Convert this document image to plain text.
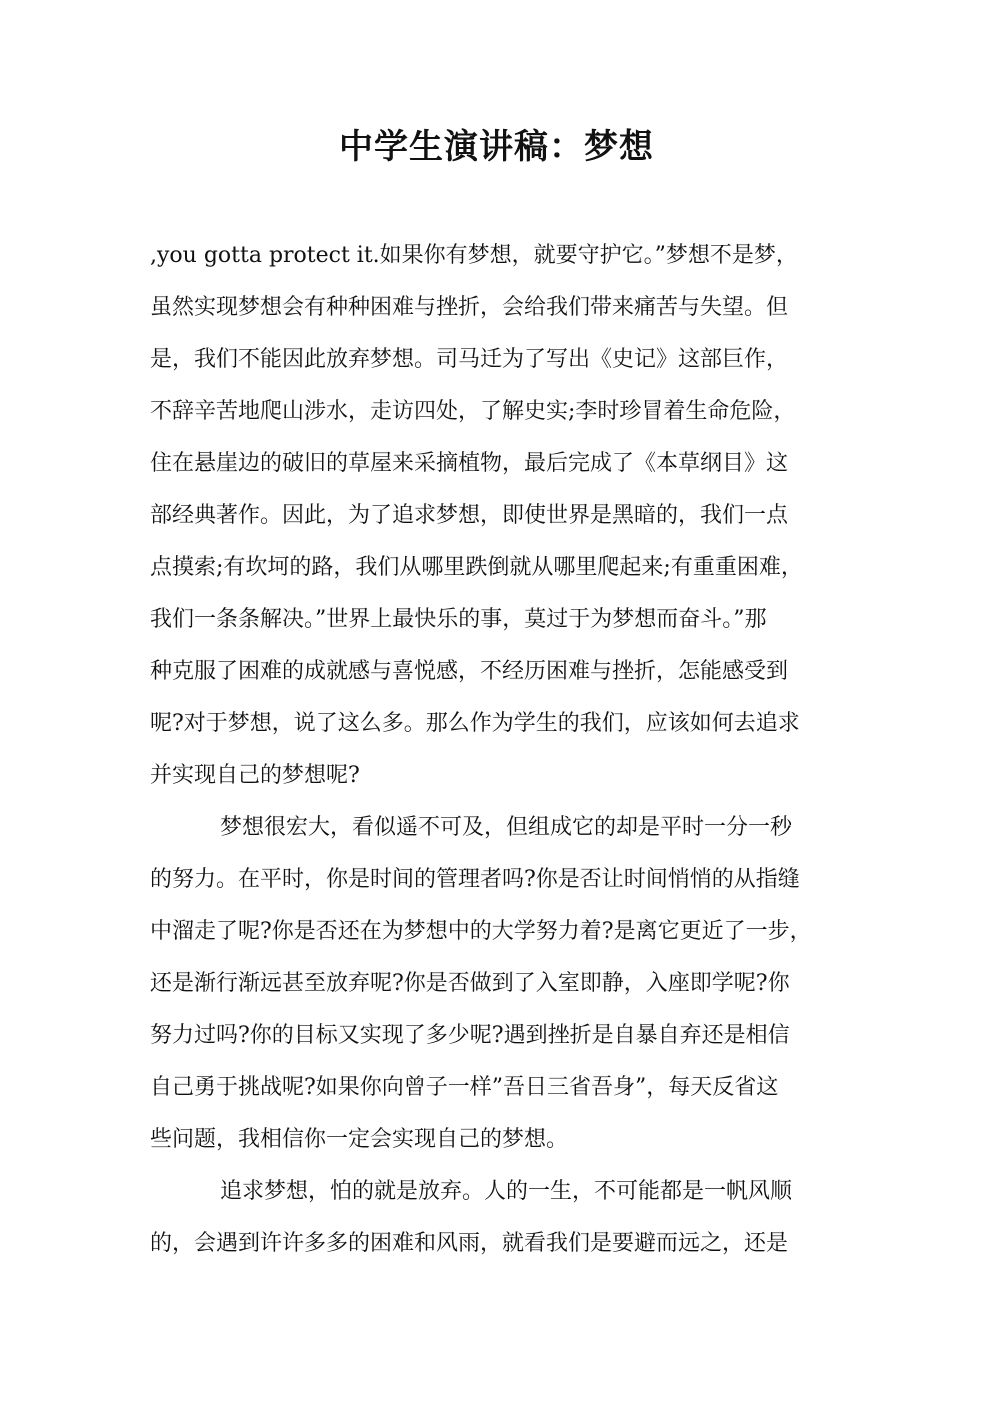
中学生演讲稿：梦想
,you gotta protect it.如果你有梦想，就要守护它。”梦想不是梦，
虽然实现梦想会有种种困难与挫折，会给我们带来痛苦与失望。但
是，我们不能因此放弃梦想。司马迁为了写出《史记》这部巨作，
不辞辛苦地爬山涉水，走访四处，了解史实;李时珍冒着生命危险，
住在悬崖边的破旧的草屋来采摘植物，最后完成了《本草纲目》这
部经典著作。因此，为了追求梦想，即使世界是黑暗的，我们一点
点摸索;有坎坷的路，我们从哪里跌倒就从哪里爬起来;有重重困难，
我们一条条解决。”世界上最快乐的事，莫过于为梦想而奋斗。”那
种克服了困难的成就感与喜悦感，不经历困难与挫折，怎能感受到
呢?对于梦想，说了这么多。那么作为学生的我们，应该如何去追求
并实现自己的梦想呢?
梦想很宏大，看似遥不可及，但组成它的却是平时一分一秒
的努力。在平时，你是时间的管理者吗?你是否让时间悄悄的从指缝
中溜走了呢?你是否还在为梦想中的大学努力着?是离它更近了一步，
还是渐行渐远甚至放弃呢?你是否做到了入室即静，入座即学呢?你
努力过吗?你的目标又实现了多少呢?遇到挫折是自暴自弃还是相信
自己勇于挑战呢?如果你向曾子一样”吾日三省吾身”，每天反省这
些问题，我相信你一定会实现自己的梦想。
追求梦想，怕的就是放弃。人的一生，不可能都是一帆风顺
的，会遇到许许多多的困难和风雨，就看我们是要避而远之，还是
